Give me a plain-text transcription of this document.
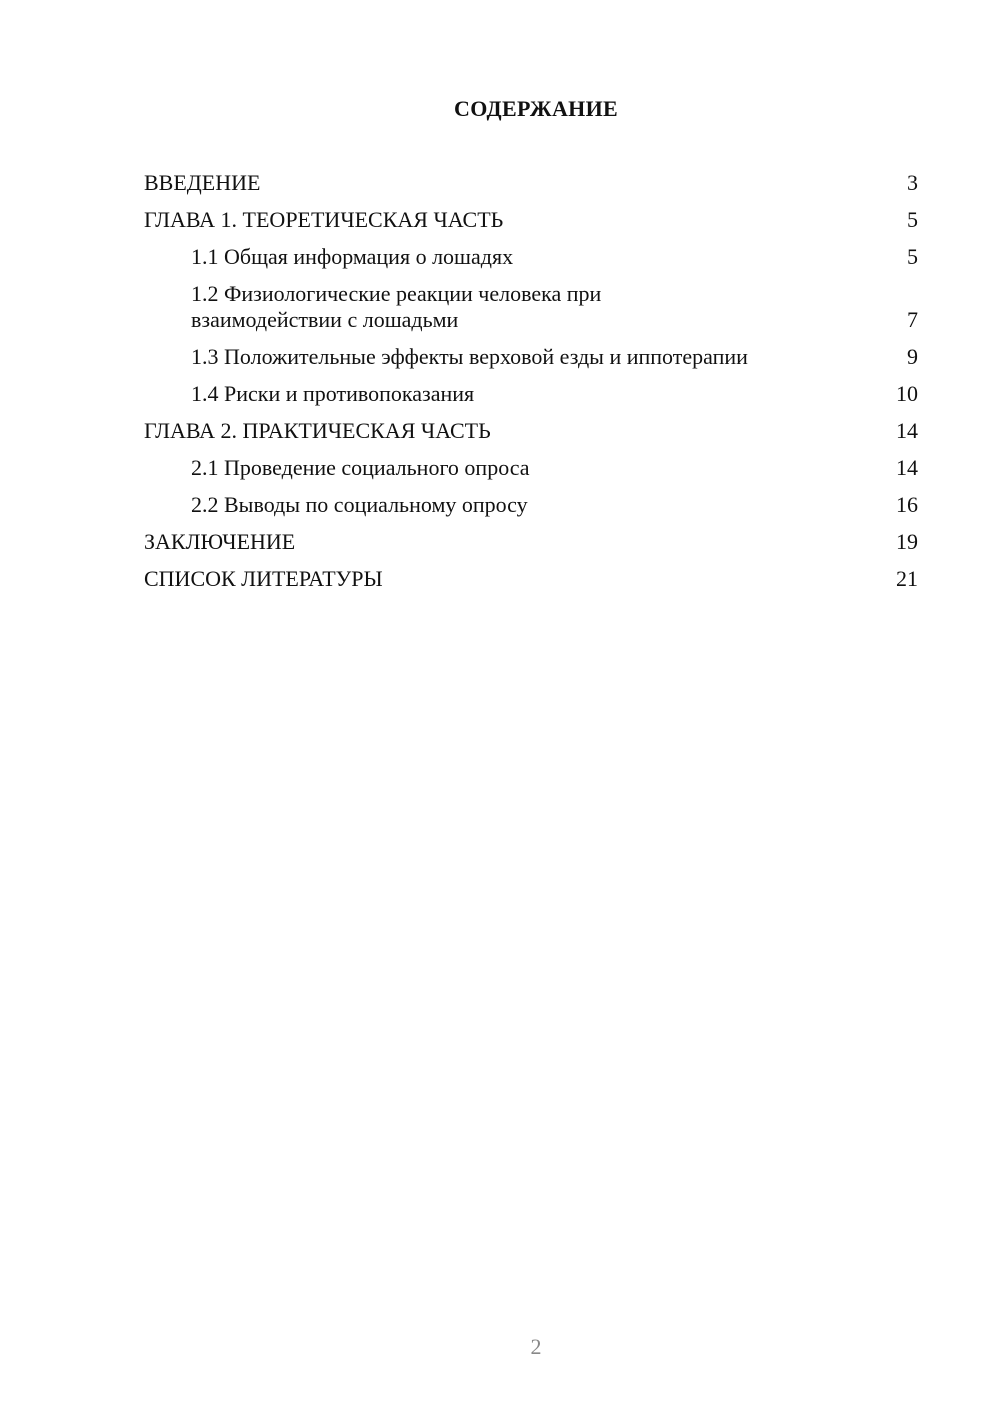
СОДЕРЖАНИЕ
ВВЕДЕНИЕ	3
ГЛАВА 1. ТЕОРЕТИЧЕСКАЯ ЧАСТЬ	5
1.1 Общая информация о лошадях	5
1.2 Физиологические реакции человека при
взаимодействии с лошадьми	7
1.3 Положительные эффекты верховой езды и иппотерапии	9
1.4 Риски и противопоказания	10
ГЛАВА 2. ПРАКТИЧЕСКАЯ ЧАСТЬ	14
2.1 Проведение социального опроса	14
2.2 Выводы по социальному опросу	16
ЗАКЛЮЧЕНИЕ	19
СПИСОК ЛИТЕРАТУРЫ	21
2
